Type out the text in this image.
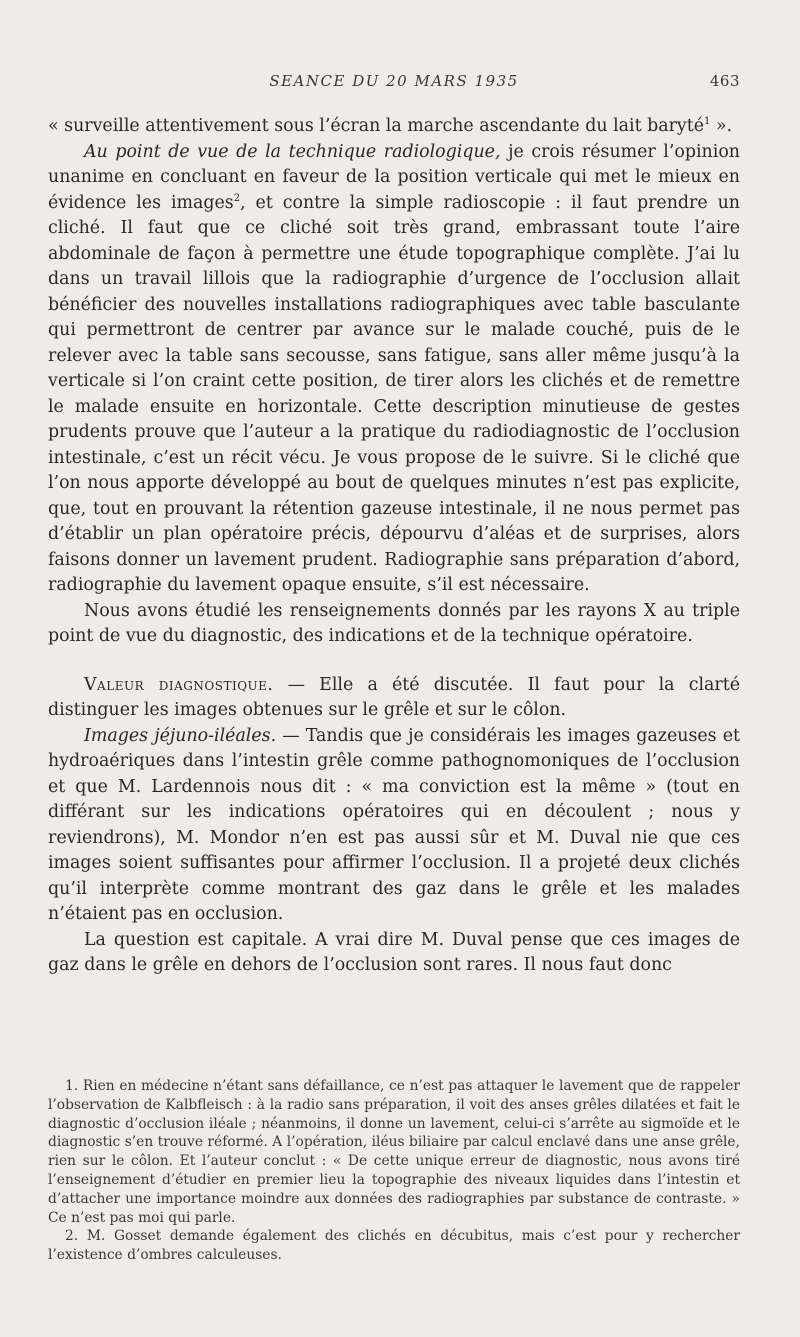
SEANCE DU 20 MARS 1935	463

« surveille attentivement sous l’écran la marche ascendante du lait baryté$^1$ ».

Au point de vue de la technique radiologique, je crois résumer l’opinion unanime en concluant en faveur de la position verticale qui met le mieux en évidence les images$^2$, et contre la simple radioscopie : il faut prendre un cliché. Il faut que ce cliché soit très grand, embrassant toute l’aire abdominale de façon à permettre une étude topographique complète. J’ai lu dans un travail lillois que la radiographie d’urgence de l’occlusion allait bénéficier des nouvelles installations radiographiques avec table basculante qui permettront de centrer par avance sur le malade couché, puis de le relever avec la table sans secousse, sans fatigue, sans aller même jusqu’à la verticale si l’on craint cette position, de tirer alors les clichés et de remettre le malade ensuite en horizontale. Cette description minutieuse de gestes prudents prouve que l’auteur a la pratique du radiodiagnostic de l’occlusion intestinale, c’est un récit vécu. Je vous propose de le suivre. Si le cliché que l’on nous apporte développé au bout de quelques minutes n’est pas explicite, que, tout en prouvant la rétention gazeuse intestinale, il ne nous permet pas d’établir un plan opératoire précis, dépourvu d’aléas et de surprises, alors faisons donner un lavement prudent. Radiographie sans préparation d’abord, radiographie du lavement opaque ensuite, s’il est nécessaire.

Nous avons étudié les renseignements donnés par les rayons X au triple point de vue du diagnostic, des indications et de la technique opératoire.

Valeur diagnostique. — Elle a été discutée. Il faut pour la clarté distinguer les images obtenues sur le grêle et sur le côlon.

Images jéjuno-iléales. — Tandis que je considérais les images gazeuses et hydroaériques dans l’intestin grêle comme pathognomoniques de l’occlusion et que M. Lardennois nous dit : « ma conviction est la même » (tout en différant sur les indications opératoires qui en découlent ; nous y reviendrons), M. Mondor n’en est pas aussi sûr et M. Duval nie que ces images soient suffisantes pour affirmer l’occlusion. Il a projeté deux clichés qu’il interprète comme montrant des gaz dans le grêle et les malades n’étaient pas en occlusion.

La question est capitale. A vrai dire M. Duval pense que ces images de gaz dans le grêle en dehors de l’occlusion sont rares. Il nous faut donc

1. Rien en médecine n’étant sans défaillance, ce n’est pas attaquer le lavement que de rappeler l’observation de Kalbfleisch : à la radio sans préparation, il voit des anses grêles dilatées et fait le diagnostic d’occlusion iléale ; néanmoins, il donne un lavement, celui-ci s’arrête au sigmoïde et le diagnostic s’en trouve réformé. A l’opération, iléus biliaire par calcul enclavé dans une anse grêle, rien sur le côlon. Et l’auteur conclut : « De cette unique erreur de diagnostic, nous avons tiré l’enseignement d’étudier en premier lieu la topographie des niveaux liquides dans l’intestin et d’attacher une importance moindre aux données des radiographies par substance de contraste. » Ce n’est pas moi qui parle.

2. M. Gosset demande également des clichés en décubitus, mais c’est pour y rechercher l’existence d’ombres calculeuses.
